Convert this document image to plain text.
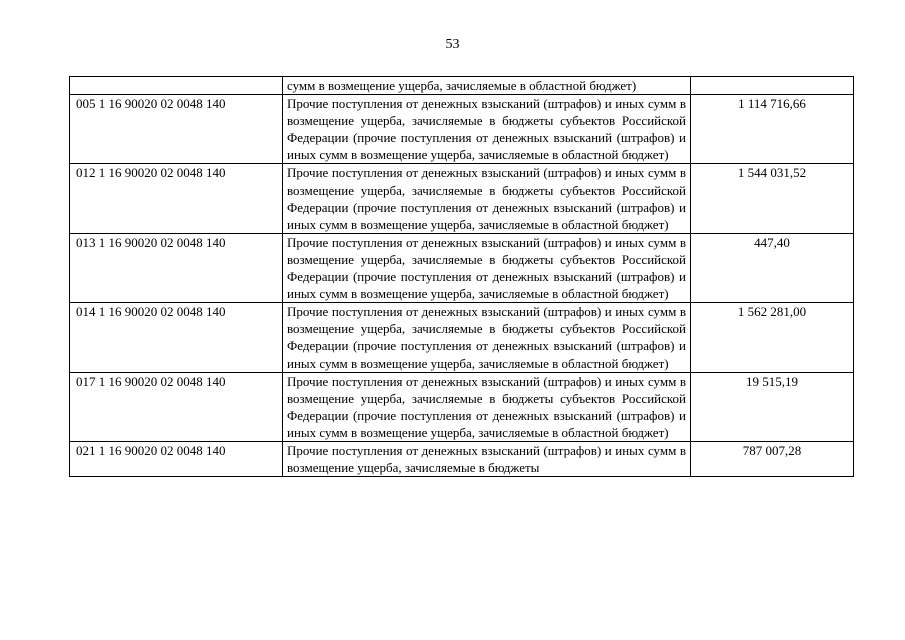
53
	сумм в возмещение ущерба, зачисляемые в областной бюджет)	
005 1 16 90020 02 0048 140	Прочие поступления от денежных взысканий (штрафов) и иных сумм в возмещение ущерба, зачисляемые в бюджеты субъектов Российской Федерации (прочие поступления от денежных взысканий (штрафов) и иных сумм в возмещение ущерба, зачисляемые в областной бюджет)	1 114 716,66
012 1 16 90020 02 0048 140	Прочие поступления от денежных взысканий (штрафов) и иных сумм в возмещение ущерба, зачисляемые в бюджеты субъектов Российской Федерации (прочие поступления от денежных взысканий (штрафов) и иных сумм в возмещение ущерба, зачисляемые в областной бюджет)	1 544 031,52
013 1 16 90020 02 0048 140	Прочие поступления от денежных взысканий (штрафов) и иных сумм в возмещение ущерба, зачисляемые в бюджеты субъектов Российской Федерации (прочие поступления от денежных взысканий (штрафов) и иных сумм в возмещение ущерба, зачисляемые в областной бюджет)	447,40
014 1 16 90020 02 0048 140	Прочие поступления от денежных взысканий (штрафов) и иных сумм в возмещение ущерба, зачисляемые в бюджеты субъектов Российской Федерации (прочие поступления от денежных взысканий (штрафов) и иных сумм в возмещение ущерба, зачисляемые в областной бюджет)	1 562 281,00
017 1 16 90020 02 0048 140	Прочие поступления от денежных взысканий (штрафов) и иных сумм в возмещение ущерба, зачисляемые в бюджеты субъектов Российской Федерации (прочие поступления от денежных взысканий (штрафов) и иных сумм в возмещение ущерба, зачисляемые в областной бюджет)	19 515,19
021 1 16 90020 02 0048 140	Прочие поступления от денежных взысканий (штрафов) и иных сумм в возмещение ущерба, зачисляемые в бюджеты	787 007,28
